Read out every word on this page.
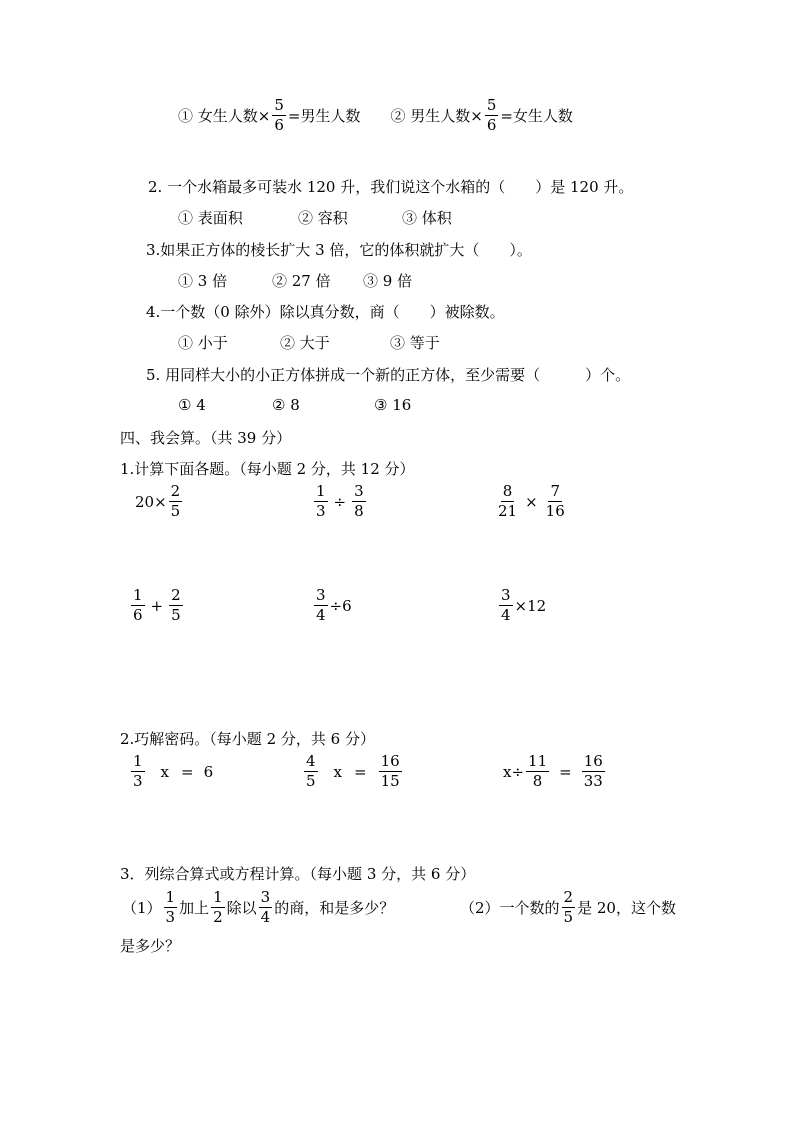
① 女生人数× $\frac{5}{6}$ =男生人数 ② 男生人数× $\frac{5}{6}$ =女生人数
2. 一个水箱最多可装水 120 升，我们说这个水箱的（　　）是 120 升。
① 表面积	② 容积	③ 体积
3.如果正方体的棱长扩大 3 倍，它的体积就扩大（　　）。
① 3 倍	② 27 倍 ③ 9 倍
4.一个数（0 除外）除以真分数，商（　　）被除数。
① 小于	② 大于	③ 等于
5. 用同样大小的小正方体拼成一个新的正方体，至少需要（　　　）个。
① 4	② 8	③ 16
四、我会算。（共 39 分）
1.计算下面各题。（每小题 2 分，共 12 分）
$20 \times \frac{2}{5}$	$\frac{1}{3} \div \frac{3}{8}$	$\frac{8}{21} \times \frac{7}{16}$
$\frac{1}{6} + \frac{2}{5}$	$\frac{3}{4} \div 6$	$\frac{3}{4} \times 12$
2.巧解密码。（每小题 2 分，共 6 分）
$\frac{1}{3}$ x = 6	$\frac{4}{5}$ $x = \frac{16}{15}$	$x\div \frac{11}{8} = \frac{16}{33}$
3．列综合算式或方程计算。（每小题 3 分，共 6 分）
$(1) \frac{1}{3}$ 加上 $\frac{1}{2}$ 除以 $\frac{3}{4}$ 的商，和是多少？	（2）一个数的 $\frac{2}{5}$ 是 20，这个数
是多少？
